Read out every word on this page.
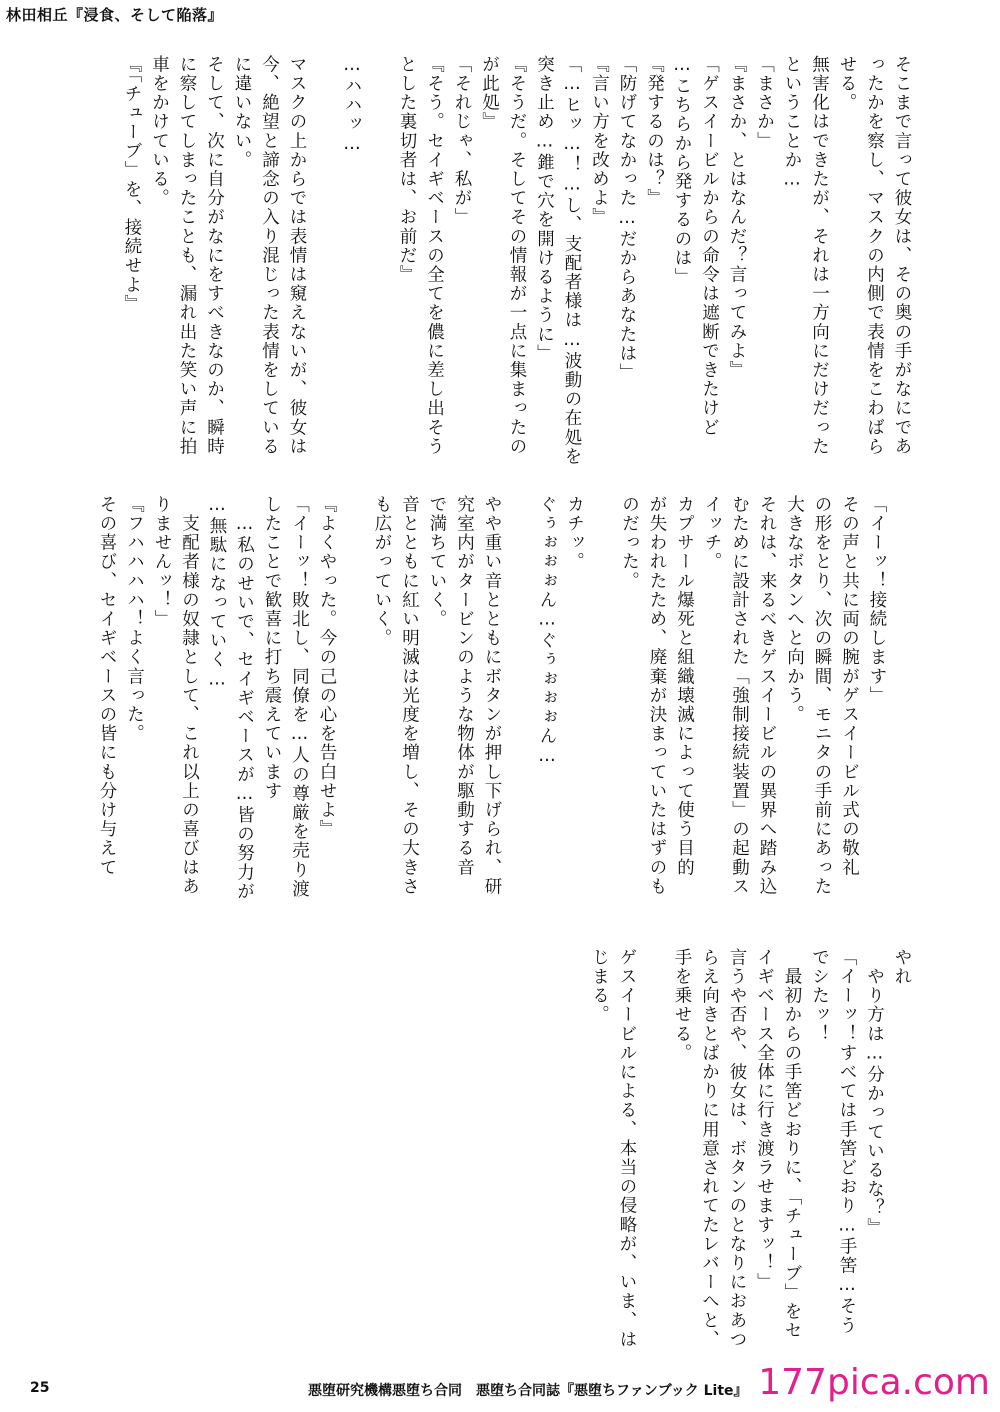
林田相丘『浸食、そして陥落』
そこまで言って彼女は、その奥の手がなにであ
ったかを察し、マスクの内側で表情をこわばら
せる。
無害化はできたが、それは一方向にだけだった
ということか…
「まさか」
『まさか、とはなんだ？言ってみよ』
「ゲスイービルからの命令は遮断できたけど
…こちらから発するのは」
『発するのは？』
「防げてなかった…だからあなたは」
『言い方を改めよ』
「…ヒッ…！…し、支配者様は…波動の在処を
突き止め…錐で穴を開けるように」
『そうだ。そしてその情報が一点に集まったの
が此処』
「それじゃ、私が」
『そう。セイギベースの全てを儂に差し出そう
とした裏切者は、お前だ』

…ハハッ…

マスクの上からでは表情は窺えないが、彼女は
今、絶望と諦念の入り混じった表情をしている
に違いない。
そして、次に自分がなにをすべきなのか、瞬時
に察してしまったことも、漏れ出た笑い声に拍
車をかけている。
『「チューブ」を、接続せよ』
「イーッ！接続します」
その声と共に両の腕がゲスイービル式の敬礼
の形をとり、次の瞬間、モニタの手前にあった
大きなボタンへと向かう。
それは、来るべきゲスイービルの異界へ踏み込
むために設計された「強制接続装置」の起動ス
イッチ。
カプサール爆死と組織壊滅によって使う目的
が失われたため、廃棄が決まっていたはずのも
のだった。

カチッ。
ぐぅぉぉぉん…ぐぅぉぉぉん…

やや重い音とともにボタンが押し下げられ、研
究室内がタービンのような物体が駆動する音
で満ちていく。
音とともに紅い明滅は光度を増し、その大きさ
も広がっていく。

『よくやった。今の己の心を告白せよ』
「イーッ！敗北し、同僚を…人の尊厳を売り渡
したことで歓喜に打ち震えています
　…私のせいで、セイギベースが…皆の努力が
…無駄になっていく…
　支配者様の奴隷として、これ以上の喜びはあ
りませんッ！」
『フハハハハ！よく言った。
その喜び、セイギベースの皆にも分け与えて
やれ
　やり方は…分かっているな？』
「イーッ！すべては手筈どおり…手筈…そう
でシたッ！
　最初からの手筈どおりに、「チューブ」をセ
イギベース全体に行き渡ラせますッ！」
言うや否や、彼女は、ボタンのとなりにおあつ
らえ向きとばかりに用意されてたレバーへと、
手を乗せる。

ゲスイービルによる、本当の侵略が、いま、は
じまる。
25	悪堕研究機構悪堕ち合同　悪堕ち合同誌『悪堕ちファンブック Lite』 177pica.com
